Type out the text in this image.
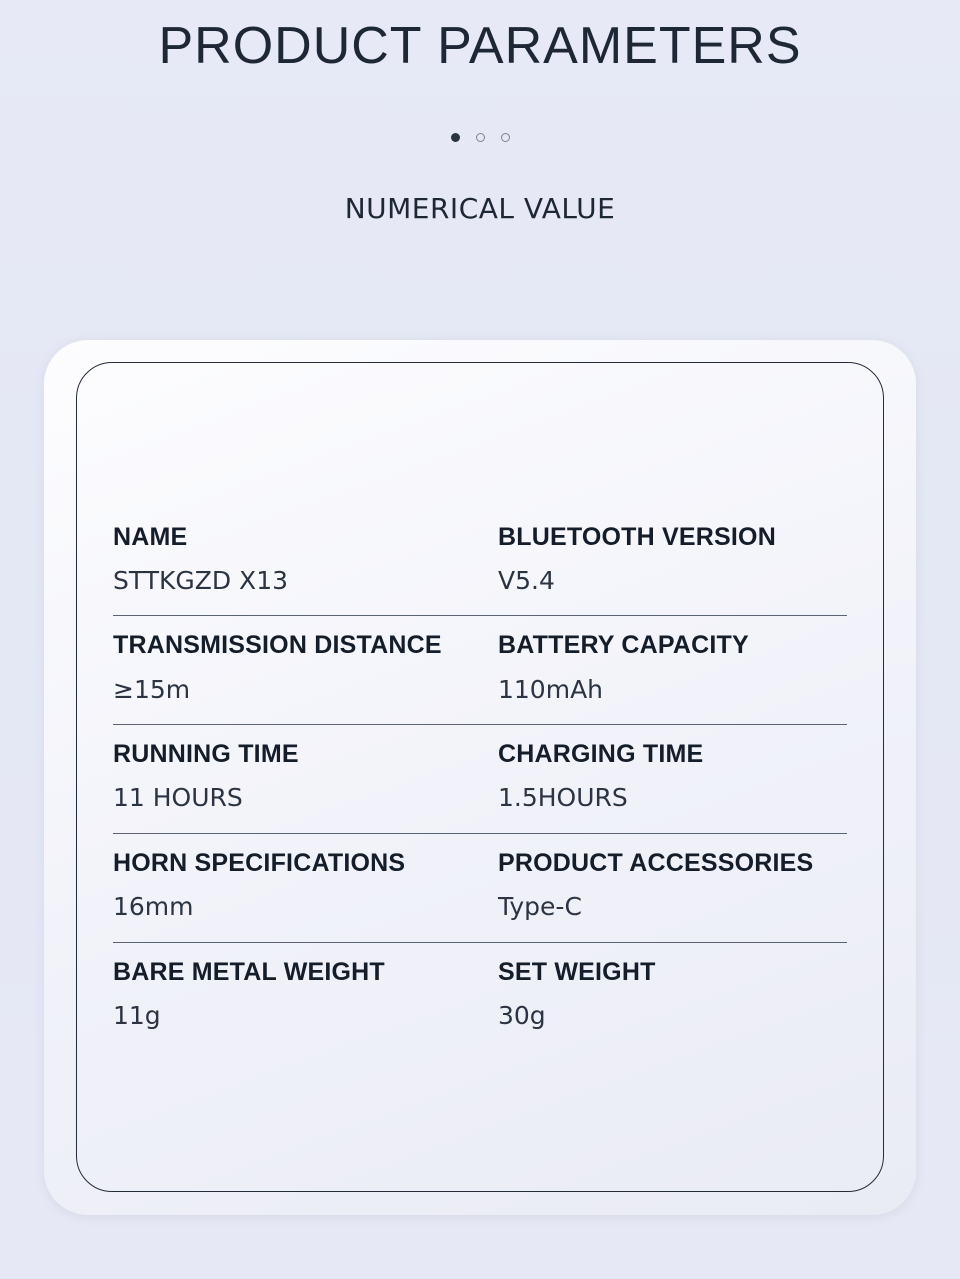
PRODUCT PARAMETERS
NUMERICAL VALUE
NAME
STTKGZD X13
BLUETOOTH VERSION
V5.4
TRANSMISSION DISTANCE
≥15m
BATTERY CAPACITY
110mAh
RUNNING TIME
11 HOURS
CHARGING TIME
1.5HOURS
HORN SPECIFICATIONS
16mm
PRODUCT ACCESSORIES
Type-C
BARE METAL WEIGHT
11g
SET WEIGHT
30g
